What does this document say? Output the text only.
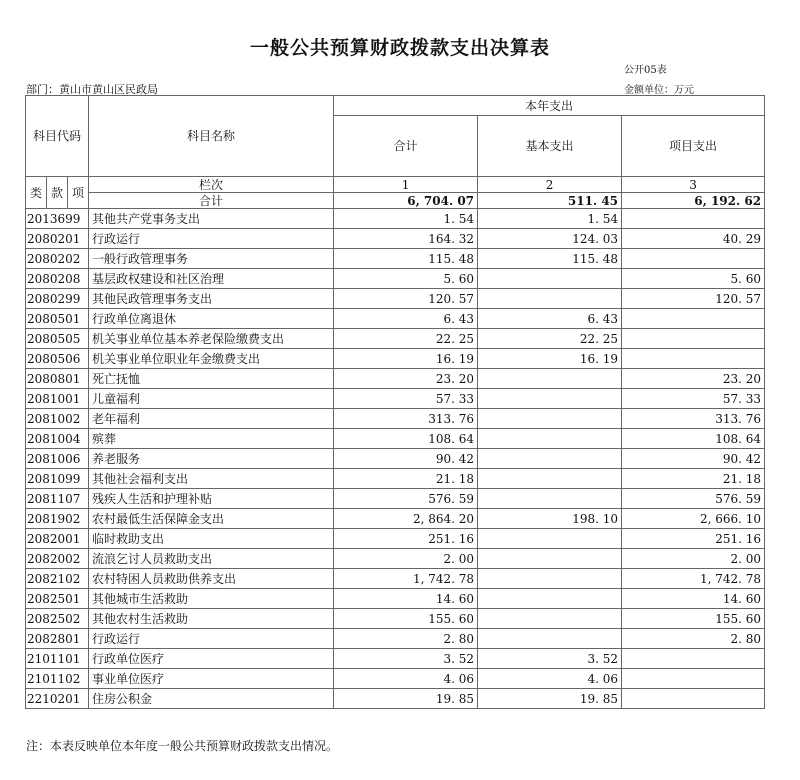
一般公共预算财政拨款支出决算表
公开05表
部门：黄山市黄山区民政局	金额单位：万元
科目代码			科目名称	本年支出		
				合计	基本支出	项目支出

类	款	项	栏次	1	2	3
			合计	6, 704. 07	511. 45	6, 192. 62
2013699			其他共产党事务支出	1. 54	1. 54	
2080201			行政运行	164. 32	124. 03	40. 29
2080202			一般行政管理事务	115. 48	115. 48	
2080208			基层政权建设和社区治理	5. 60		5. 60
2080299			其他民政管理事务支出	120. 57		120. 57
2080501			行政单位离退休	6. 43	6. 43	
2080505			机关事业单位基本养老保险缴费支出	22. 25	22. 25	
2080506			机关事业单位职业年金缴费支出	16. 19	16. 19	
2080801			死亡抚恤	23. 20		23. 20
2081001			儿童福利	57. 33		57. 33
2081002			老年福利	313. 76		313. 76
2081004			殡葬	108. 64		108. 64
2081006			养老服务	90. 42		90. 42
2081099			其他社会福利支出	21. 18		21. 18
2081107			残疾人生活和护理补贴	576. 59		576. 59
2081902			农村最低生活保障金支出	2, 864. 20	198. 10	2, 666. 10
2082001			临时救助支出	251. 16		251. 16
2082002			流浪乞讨人员救助支出	2. 00		2. 00
2082102			农村特困人员救助供养支出	1, 742. 78		1, 742. 78
2082501			其他城市生活救助	14. 60		14. 60
2082502			其他农村生活救助	155. 60		155. 60
2082801			行政运行	2. 80		2. 80
2101101			行政单位医疗	3. 52	3. 52	
2101102			事业单位医疗	4. 06	4. 06	
2210201			住房公积金	19. 85	19. 85	
注：本表反映单位本年度一般公共预算财政拨款支出情况。
